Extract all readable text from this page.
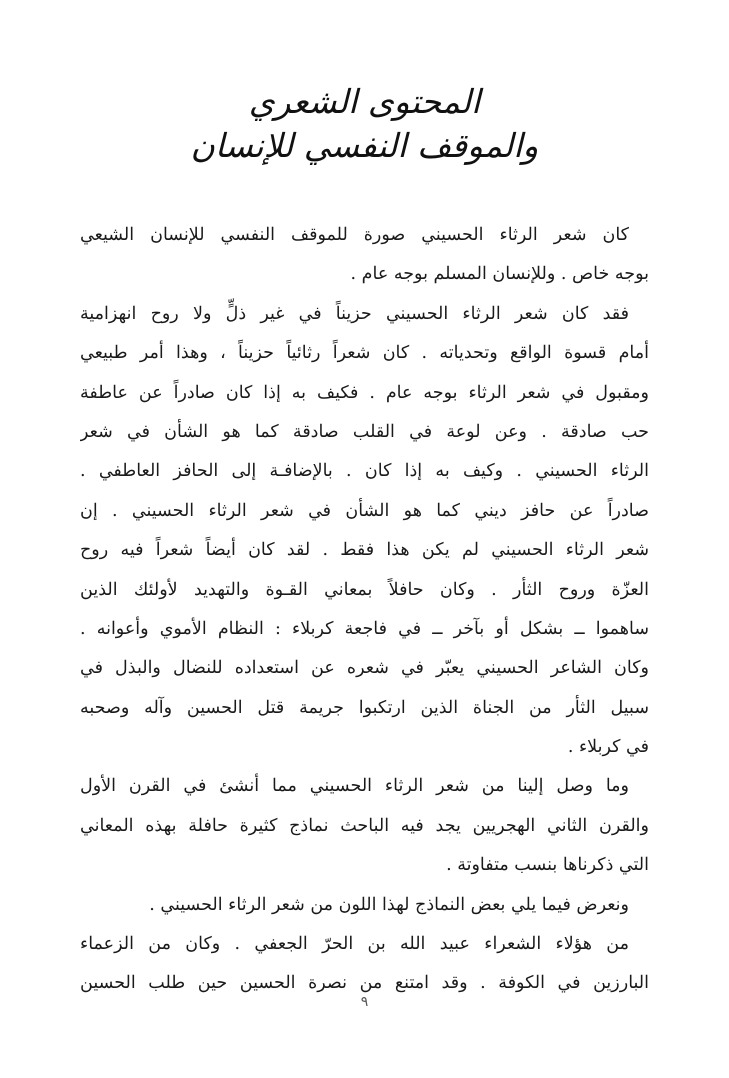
المحتوى الشعري
والموقف النفسي للإنسان
كان شعر الرثاء الحسيني صورة للموقف النفسي للإنسان الشيعي
بوجه خاص . وللإنسان المسلم بوجه عام .
فقد كان شعر الرثاء الحسيني حزيناً في غير ذلٍّ ولا روح انهزامية
أمام قسوة الواقع وتحدياته . كان شعراً رثائياً حزيناً ، وهذا أمر طبيعي
ومقبول في شعر الرثاء بوجه عام . فكيف به إذا كان صادراً عن عاطفة
حب صادقة . وعن لوعة في القلب صادقة كما هو الشأن في شعر
الرثاء الحسيني . وكيف به إذا كان . بالإضافـة إلى الحافز العاطفي .
صادراً عن حافز ديني كما هو الشأن في شعر الرثاء الحسيني . إن
شعر الرثاء الحسيني لم يكن هذا فقط . لقد كان أيضاً شعراً فيه روح
العزّة وروح الثأر . وكان حافلاً بمعاني القـوة والتهديد لأولئك الذين
ساهموا ــ بشكل أو بآخر ــ في فاجعة كربلاء : النظام الأموي وأعوانه .
وكان الشاعر الحسيني يعبّر في شعره عن استعداده للنضال والبذل في
سبيل الثأر من الجناة الذين ارتكبوا جريمة قتل الحسين وآله وصحبه
في كربلاء .
وما وصل إلينا من شعر الرثاء الحسيني مما أنشئ في القرن الأول
والقرن الثاني الهجريين يجد فيه الباحث نماذج كثيرة حافلة بهذه المعاني
التي ذكرناها بنسب متفاوتة .
ونعرض فيما يلي بعض النماذج لهذا اللون من شعر الرثاء الحسيني .
من هؤلاء الشعراء عبيد الله بن الحرّ الجعفي . وكان من الزعماء
البارزين في الكوفة . وقد امتنع من نصرة الحسين حين طلب الحسين
٩
